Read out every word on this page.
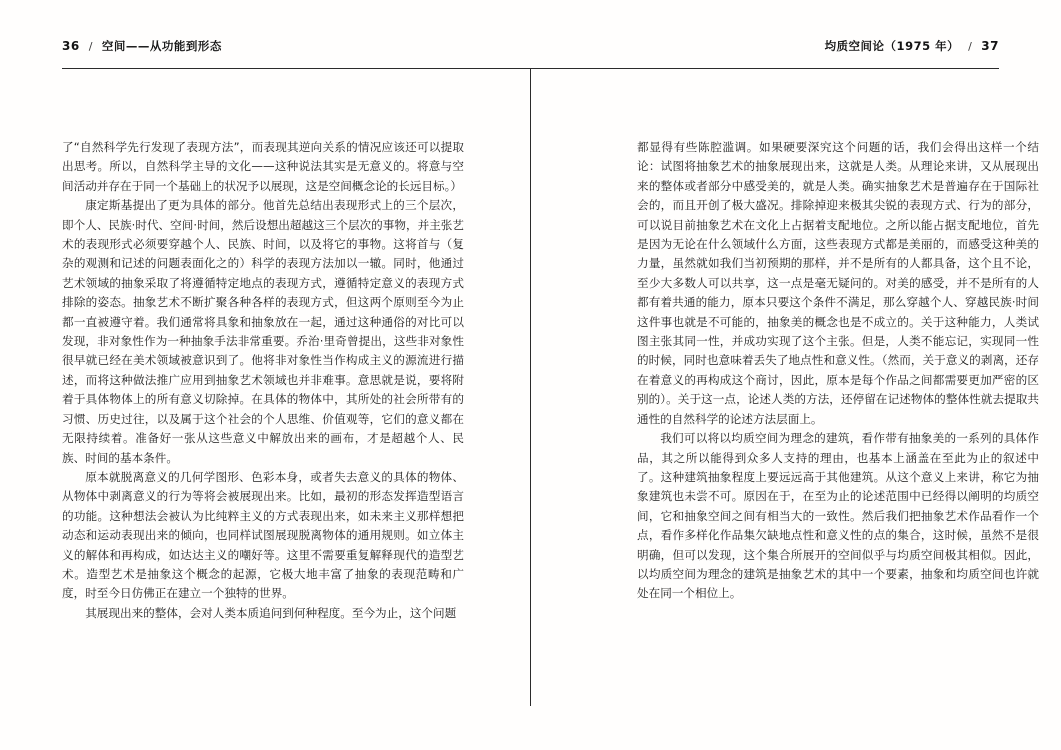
36 / 空间——从功能到形态	均质空间论（1975 年） / 37

了“自然科学先行发现了表现方法”，而表现其逆向关系的情况应该还可以提取出思考。所以，自然科学主导的文化——这种说法其实是无意义的。将意与空间活动并存在于同一个基础上的状况予以展现，这是空间概念论的长远目标。）

康定斯基提出了更为具体的部分。他首先总结出表现形式上的三个层次，即个人、民族·时代、空间·时间，然后设想出超越这三个层次的事物，并主张艺术的表现形式必须要穿越个人、民族、时间，以及将它的事物。这将首与（复杂的观测和记述的问题表面化之的）科学的表现方法加以一辙。同时，他通过艺术领域的抽象采取了将遵循特定地点的表现方式，遵循特定意义的表现方式排除的姿态。抽象艺术不断扩聚各种各样的表现方式，但这两个原则至今为止都一直被遵守着。我们通常将具象和抽象放在一起，通过这种通俗的对比可以发现，非对象性作为一种抽象手法非常重要。乔治·里奇曾提出，这些非对象性很早就已经在美术领域被意识到了。他将非对象性当作构成主义的源流进行描述，而将这种做法推广应用到抽象艺术领域也并非难事。意思就是说，要将附着于具体物体上的所有意义切除掉。在具体的物体中，其所处的社会所带有的习惯、历史过往，以及属于这个社会的个人思维、价值观等，它们的意义都在无限持续着。准备好一张从这些意义中解放出来的画布，才是超越个人、民族、时间的基本条件。

原本就脱离意义的几何学图形、色彩本身，或者失去意义的具体的物体、从物体中剥离意义的行为等将会被展现出来。比如，最初的形态发挥造型语言的功能。这种想法会被认为比纯粹主义的方式表现出来，如未来主义那样想把动态和运动表现出来的倾向，也同样试图展现脱离物体的通用规则。如立体主义的解体和再构成，如达达主义的嘲好等。这里不需要重复解释现代的造型艺术。造型艺术是抽象这个概念的起源，它极大地丰富了抽象的表现范畴和广度，时至今日仿佛正在建立一个独特的世界。

其展现出来的整体，会对人类本质追问到何种程度。至今为止，这个问题

都显得有些陈腔滥调。如果硬要深究这个问题的话，我们会得出这样一个结论：试图将抽象艺术的抽象展现出来，这就是人类。从理论来讲，又从展现出来的整体或者部分中感受美的，就是人类。确实抽象艺术是普遍存在于国际社会的，而且开创了极大盛况。排除掉迎来极其尖锐的表现方式、行为的部分，可以说目前抽象艺术在文化上占据着支配地位。之所以能占据支配地位，首先是因为无论在什么领域什么方面，这些表现方式都是美丽的，而感受这种美的力量，虽然就如我们当初预期的那样，并不是所有的人都具备，这个且不论，至少大多数人可以共享，这一点是毫无疑问的。对美的感受，并不是所有的人都有着共通的能力，原本只要这个条件不满足，那么穿越个人、穿越民族·时间这件事也就是不可能的，抽象美的概念也是不成立的。关于这种能力，人类试图主张其同一性，并成功实现了这个主张。但是，人类不能忘记，实现同一性的时候，同时也意味着丢失了地点性和意义性。（然而，关于意义的剥离，还存在着意义的再构成这个商讨，因此，原本是每个作品之间都需要更加严密的区别的）。关于这一点，论述人类的方法，还停留在记述物体的整体性就去提取共通性的自然科学的论述方法层面上。

我们可以将以均质空间为理念的建筑，看作带有抽象美的一系列的具体作品，其之所以能得到众多人支持的理由，也基本上涵盖在至此为止的叙述中了。这种建筑抽象程度上要远远高于其他建筑。从这个意义上来讲，称它为抽象建筑也未尝不可。原因在于，在至为止的论述范围中已经得以阐明的均质空间，它和抽象空间之间有相当大的一致性。然后我们把抽象艺术作品看作一个点，看作多样化作品集欠缺地点性和意义性的点的集合，这时候，虽然不是很明确，但可以发现，这个集合所展开的空间似乎与均质空间极其相似。因此，以均质空间为理念的建筑是抽象艺术的其中一个要素，抽象和均质空间也许就处在同一个相位上。
